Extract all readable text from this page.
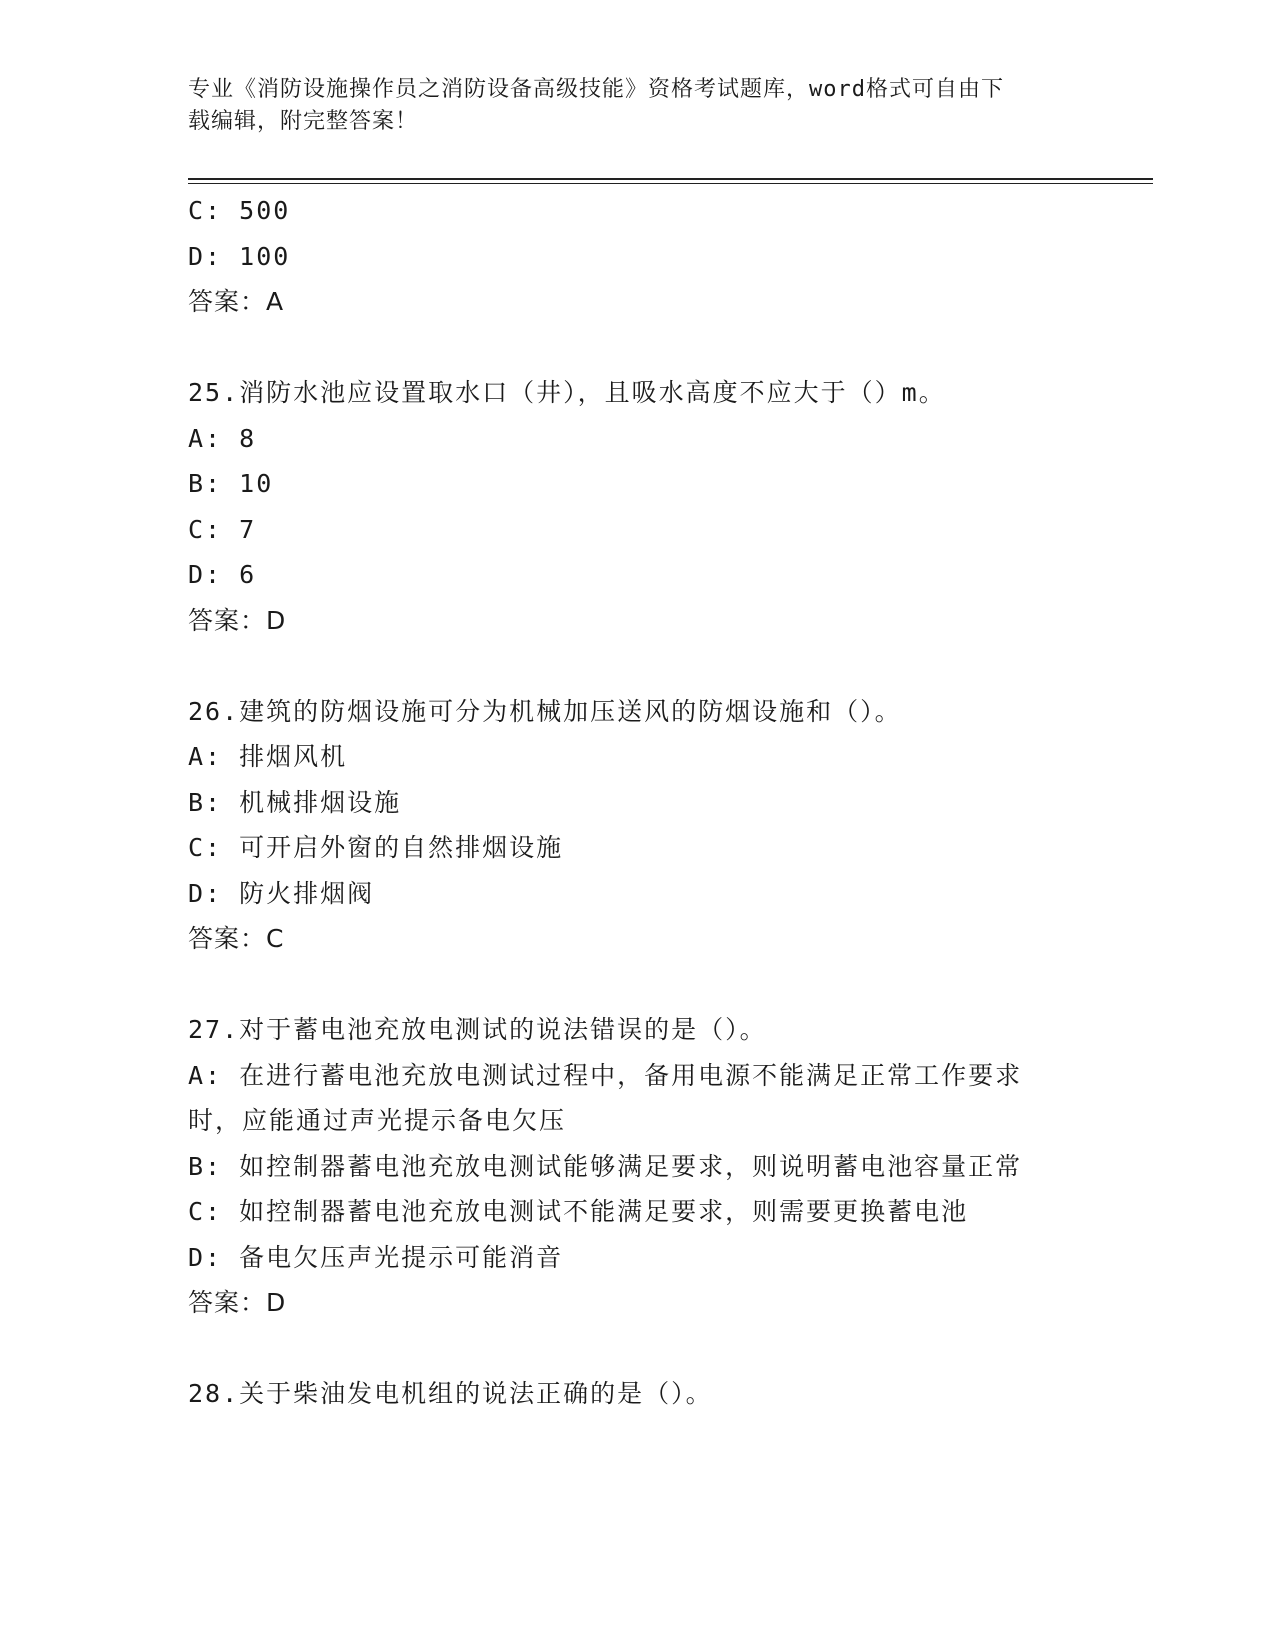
专业《消防设施操作员之消防设备高级技能》资格考试题库，word格式可自由下
载编辑，附完整答案！
C: 500
D: 100
答案：A
25.消防水池应设置取水口（井），且吸水高度不应大于（）m。
A: 8
B: 10
C: 7
D: 6
答案：D
26.建筑的防烟设施可分为机械加压送风的防烟设施和（）。
A: 排烟风机
B: 机械排烟设施
C: 可开启外窗的自然排烟设施
D: 防火排烟阀
答案：C
27.对于蓄电池充放电测试的说法错误的是（）。
A: 在进行蓄电池充放电测试过程中，备用电源不能满足正常工作要求
时，应能通过声光提示备电欠压
B: 如控制器蓄电池充放电测试能够满足要求，则说明蓄电池容量正常
C: 如控制器蓄电池充放电测试不能满足要求，则需要更换蓄电池
D: 备电欠压声光提示可能消音
答案：D
28.关于柴油发电机组的说法正确的是（）。
